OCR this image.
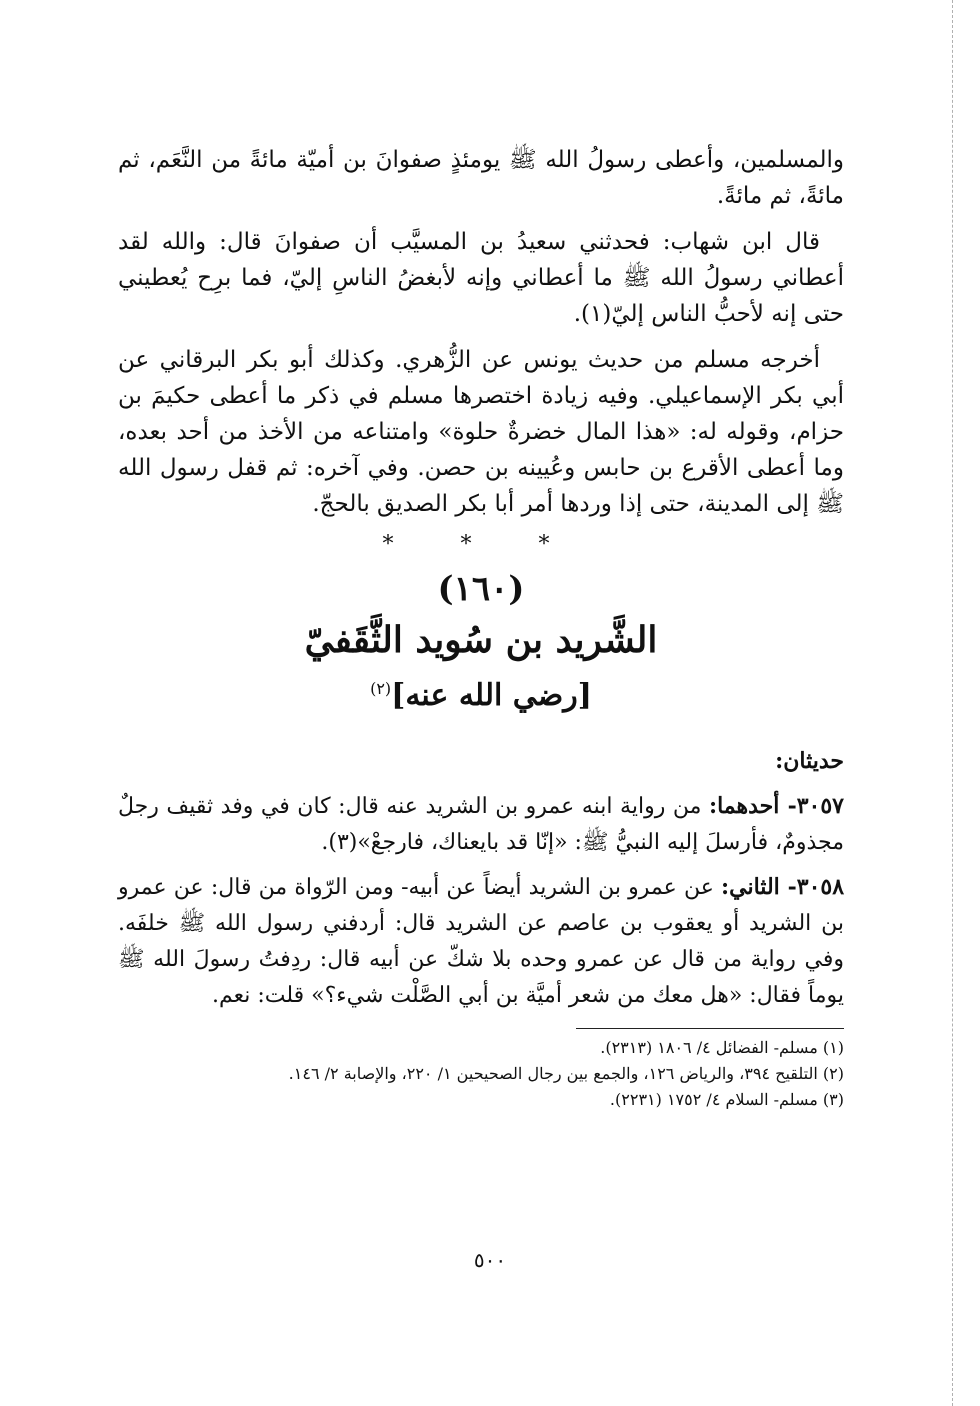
والمسلمين، وأعطى رسولُ الله ﷺ يومئذٍ صفوانَ بن أميّة مائةً من النَّعَم، ثم مائةً، ثم مائةً.

قال ابن شهاب: فحدثني سعيدُ بن المسيَّب أن صفوانَ قال: والله لقد أعطاني رسولُ الله ﷺ ما أعطاني وإنه لأبغضُ الناسِ إليّ، فما برِح يُعطيني حتى إنه لأحبُّ الناس إليّ(١).

أخرجه مسلم من حديث يونس عن الزُّهري. وكذلك أبو بكر البرقاني عن أبي بكر الإسماعيلي. وفيه زيادة اختصرها مسلم في ذكر ما أعطى حكيمَ بن حزام، وقوله له: «هذا المال خضرةٌ حلوة» وامتناعه من الأخذ من أحد بعده، وما أعطى الأقرع بن حابس وعُيينه بن حصن. وفي آخره: ثم قفل رسول الله ﷺ إلى المدينة، حتى إذا وردها أمر أبا بكر الصديق بالحجّ.

* * *
(١٦٠)
الشَّريد بن سُويد الثَّقَفيّ
[رضي الله عنه]$^{(٢)}$
حديثان:

٣٠٥٧- أحدهما: من رواية ابنه عمرو بن الشريد عنه قال: كان في وفد ثقيف رجلٌ مجذومٌ، فأرسلَ إليه النبيُّ ﷺ: «إنّا قد بايعناك، فارجعْ»(٣).

٣٠٥٨- الثاني: عن عمرو بن الشريد أيضاً عن أبيه- ومن الرّواة من قال: عن عمرو بن الشريد أو يعقوب بن عاصم عن الشريد قال: أردفني رسول الله ﷺ خلفَه. وفي رواية من قال عن عمرو وحده بلا شكّ عن أبيه قال: ردِفتُ رسولَ الله ﷺ يوماً فقال: «هل معك من شعر أميَّة بن أبي الصَّلْت شيء؟» قلت: نعم.

(١) مسلم- الفضائل ٤/ ١٨٠٦ (٢٣١٣).

(٢) التلقيح ٣٩٤، والرياض ١٢٦، والجمع بين رجال الصحيحين ١/ ٢٢٠، والإصابة ٢/ ١٤٦.

(٣) مسلم- السلام ٤/ ١٧٥٢ (٢٢٣١).

٥٠٠
